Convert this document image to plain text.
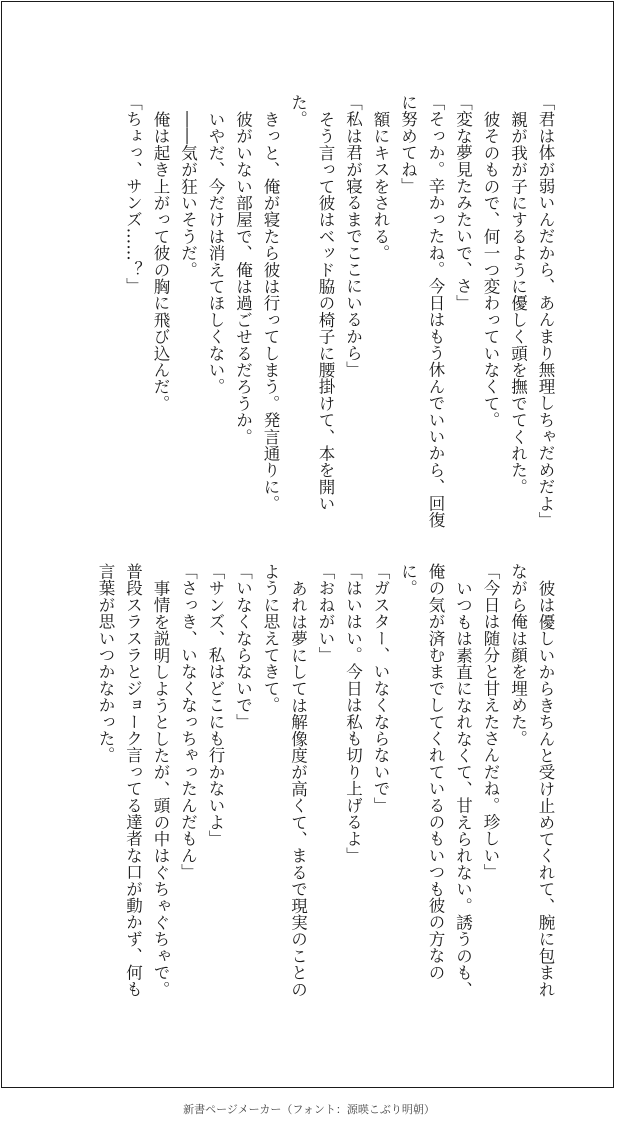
「君は体が弱いんだから、あんまり無理しちゃだめだよ」

親が我が子にするように優しく頭を撫でてくれた。

彼そのもので、何一つ変わっていなくて。

「変な夢見たみたいで、さ」

「そっか。辛かったね。今日はもう休んでいいから、回復に努めてね」

額にキスをされる。

「私は君が寝るまでここにいるから」

そう言って彼はベッド脇の椅子に腰掛けて、本を開いた。

きっと、俺が寝たら彼は行ってしまう。発言通りに。

彼がいない部屋で、俺は過ごせるだろうか。

いやだ、今だけは消えてほしくない。

――気が狂いそうだ。

俺は起き上がって彼の胸に飛び込んだ。

「ちょっ、サンズ……？」

彼は優しいからきちんと受け止めてくれて、腕に包まれながら俺は顔を埋めた。

「今日は随分と甘えたさんだね。珍しい」

いつもは素直になれなくて、甘えられない。誘うのも、俺の気が済むまでしてくれているのもいつも彼の方なのに。

「ガスター、いなくならないで」

「はいはい。今日は私も切り上げるよ」

「おねがい」

あれは夢にしては解像度が高くて、まるで現実のことのように思えてきて。

「いなくならないで」

「サンズ、私はどこにも行かないよ」

「さっき、いなくなっちゃったんだもん」

事情を説明しようとしたが、頭の中はぐちゃぐちゃで。普段スラスラとジョーク言ってる達者な口が動かず、何も言葉が思いつかなかった。

新書ページメーカー（フォント：源暎こぶり明朝）
